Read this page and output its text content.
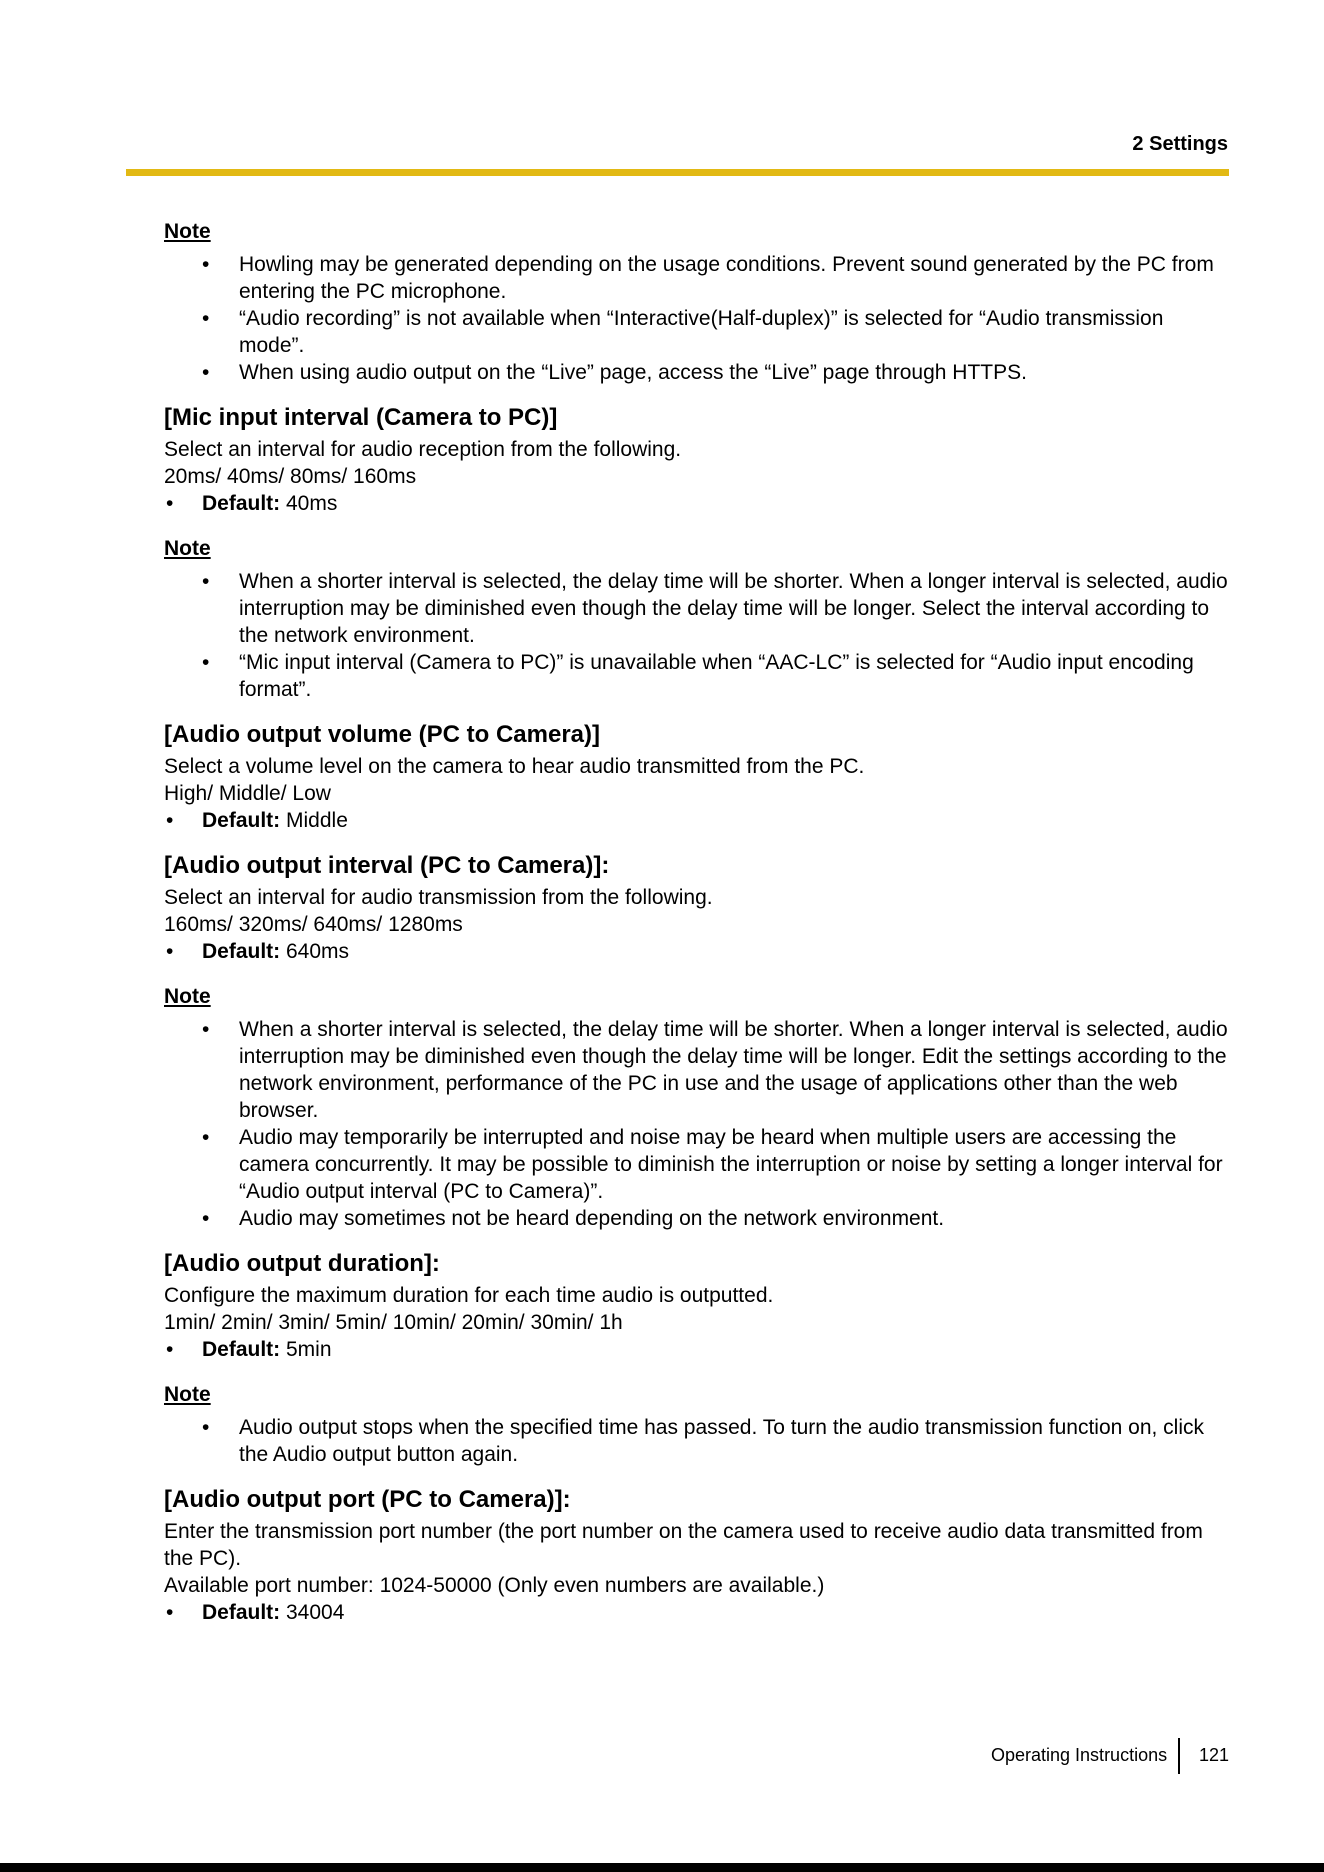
2 Settings
Note
• Howling may be generated depending on the usage conditions. Prevent sound generated by the PC from entering the PC microphone.
• “Audio recording” is not available when “Interactive(Half-duplex)” is selected for “Audio transmission mode”.
• When using audio output on the “Live” page, access the “Live” page through HTTPS.
[Mic input interval (Camera to PC)]

Select an interval for audio reception from the following.

20ms/ 40ms/ 80ms/ 160ms

• Default: 40ms
Note
• When a shorter interval is selected, the delay time will be shorter. When a longer interval is selected, audio interruption may be diminished even though the delay time will be longer. Select the interval according to the network environment.
• “Mic input interval (Camera to PC)” is unavailable when “AAC-LC” is selected for “Audio input encoding format”.
[Audio output volume (PC to Camera)]

Select a volume level on the camera to hear audio transmitted from the PC.

High/ Middle/ Low

• Default: Middle
[Audio output interval (PC to Camera)]:

Select an interval for audio transmission from the following.

160ms/ 320ms/ 640ms/ 1280ms

• Default: 640ms
Note
• When a shorter interval is selected, the delay time will be shorter. When a longer interval is selected, audio interruption may be diminished even though the delay time will be longer. Edit the settings according to the network environment, performance of the PC in use and the usage of applications other than the web browser.
• Audio may temporarily be interrupted and noise may be heard when multiple users are accessing the camera concurrently. It may be possible to diminish the interruption or noise by setting a longer interval for “Audio output interval (PC to Camera)”.
• Audio may sometimes not be heard depending on the network environment.
[Audio output duration]:

Configure the maximum duration for each time audio is outputted.

1min/ 2min/ 3min/ 5min/ 10min/ 20min/ 30min/ 1h

• Default: 5min
Note
• Audio output stops when the specified time has passed. To turn the audio transmission function on, click the Audio output button again.
[Audio output port (PC to Camera)]:

Enter the transmission port number (the port number on the camera used to receive audio data transmitted from the PC).

Available port number: 1024-50000 (Only even numbers are available.)

• Default: 34004
Operating Instructions 121
